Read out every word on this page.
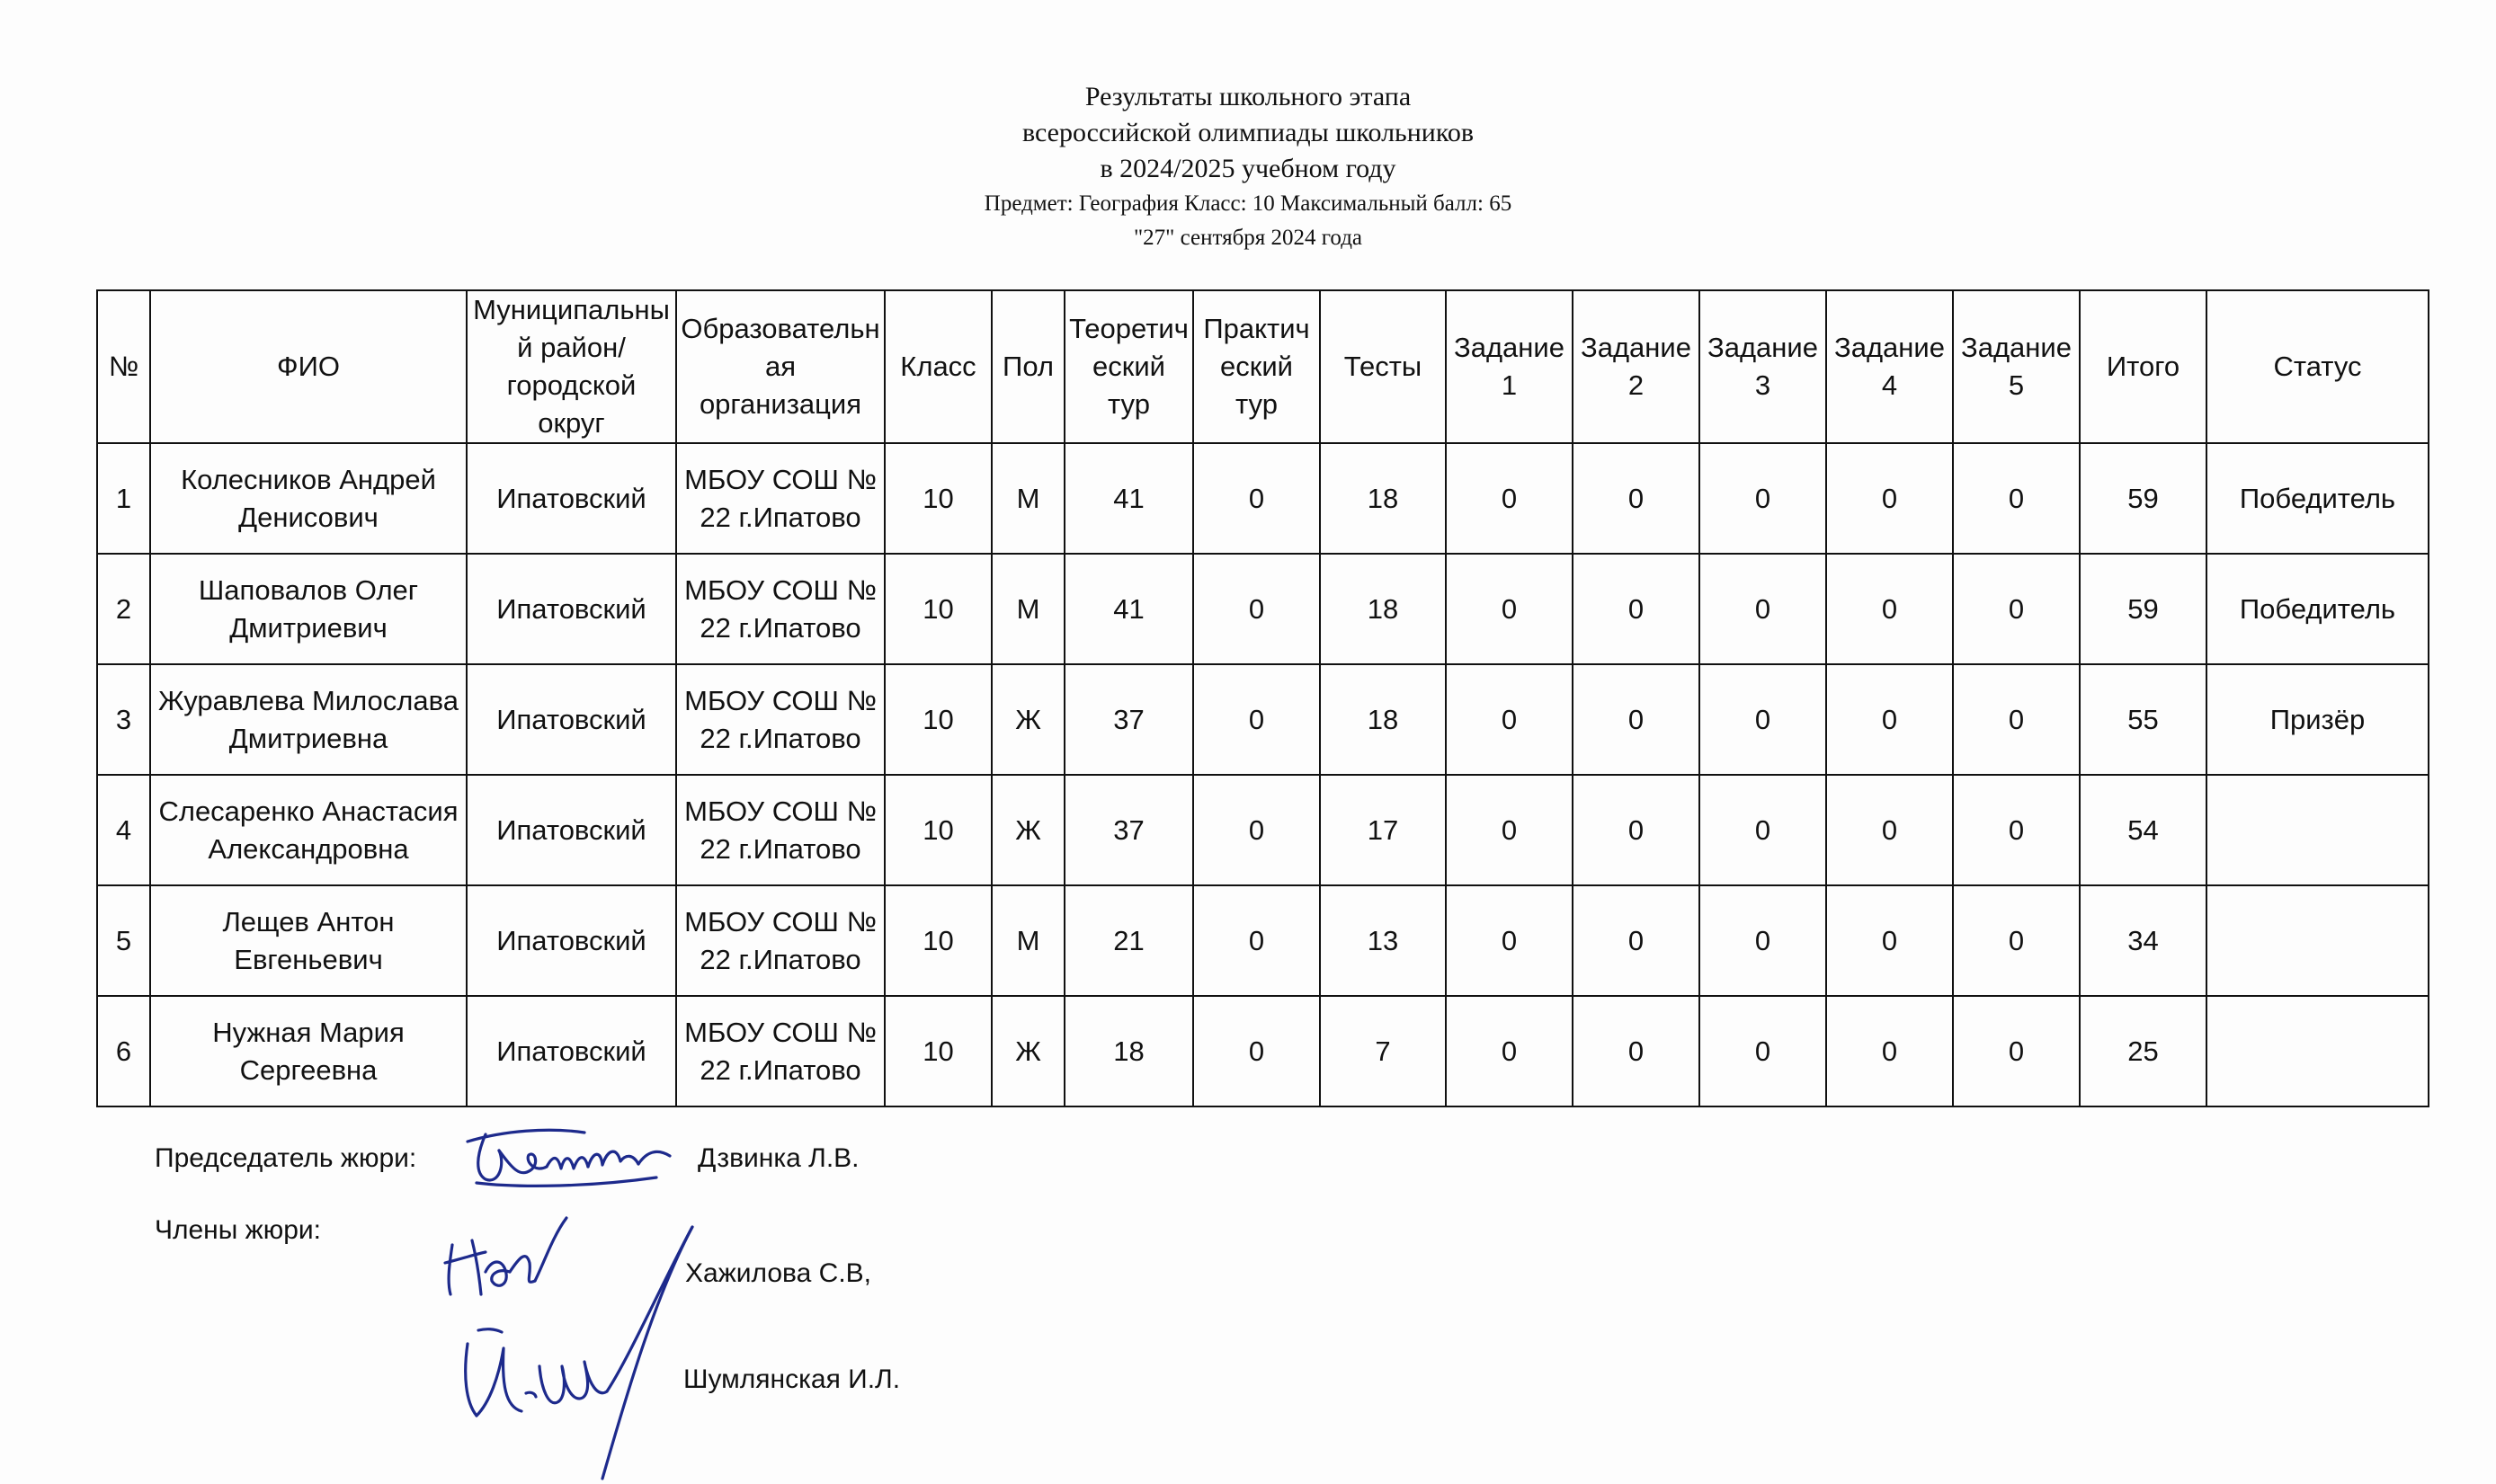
Результаты школьного этапа
всероссийской олимпиады школьников
в 2024/2025 учебном году
Предмет: География Класс: 10 Максимальный балл: 65
"27" сентября 2024 года
№	ФИО	Муниципальный район/городской округ	Образовательная организация	Класс	Пол	Теоретический тур	Практический тур	Тесты	Задание 1	Задание 2	Задание 3	Задание 4	Задание 5	Итого	Статус
1	Колесников Андрей Денисович	Ипатовский	МБОУ СОШ № 22 г.Ипатово	10	М	41	0	18	0	0	0	0	0	59	Победитель
2	Шаповалов Олег Дмитриевич	Ипатовский	МБОУ СОШ № 22 г.Ипатово	10	М	41	0	18	0	0	0	0	0	59	Победитель
3	Журавлева Милослава Дмитриевна	Ипатовский	МБОУ СОШ № 22 г.Ипатово	10	Ж	37	0	18	0	0	0	0	0	55	Призёр
4	Слесаренко Анастасия Александровна	Ипатовский	МБОУ СОШ № 22 г.Ипатово	10	Ж	37	0	17	0	0	0	0	0	54	
5	Лещев Антон Евгеньевич	Ипатовский	МБОУ СОШ № 22 г.Ипатово	10	М	21	0	13	0	0	0	0	0	34	
6	Нужная Мария Сергеевна	Ипатовский	МБОУ СОШ № 22 г.Ипатово	10	Ж	18	0	7	0	0	0	0	0	25	
Председатель жюри:	Дзвинка Л.В.
Члены жюри:
Хажилова С.В,
Шумлянская И.Л.
